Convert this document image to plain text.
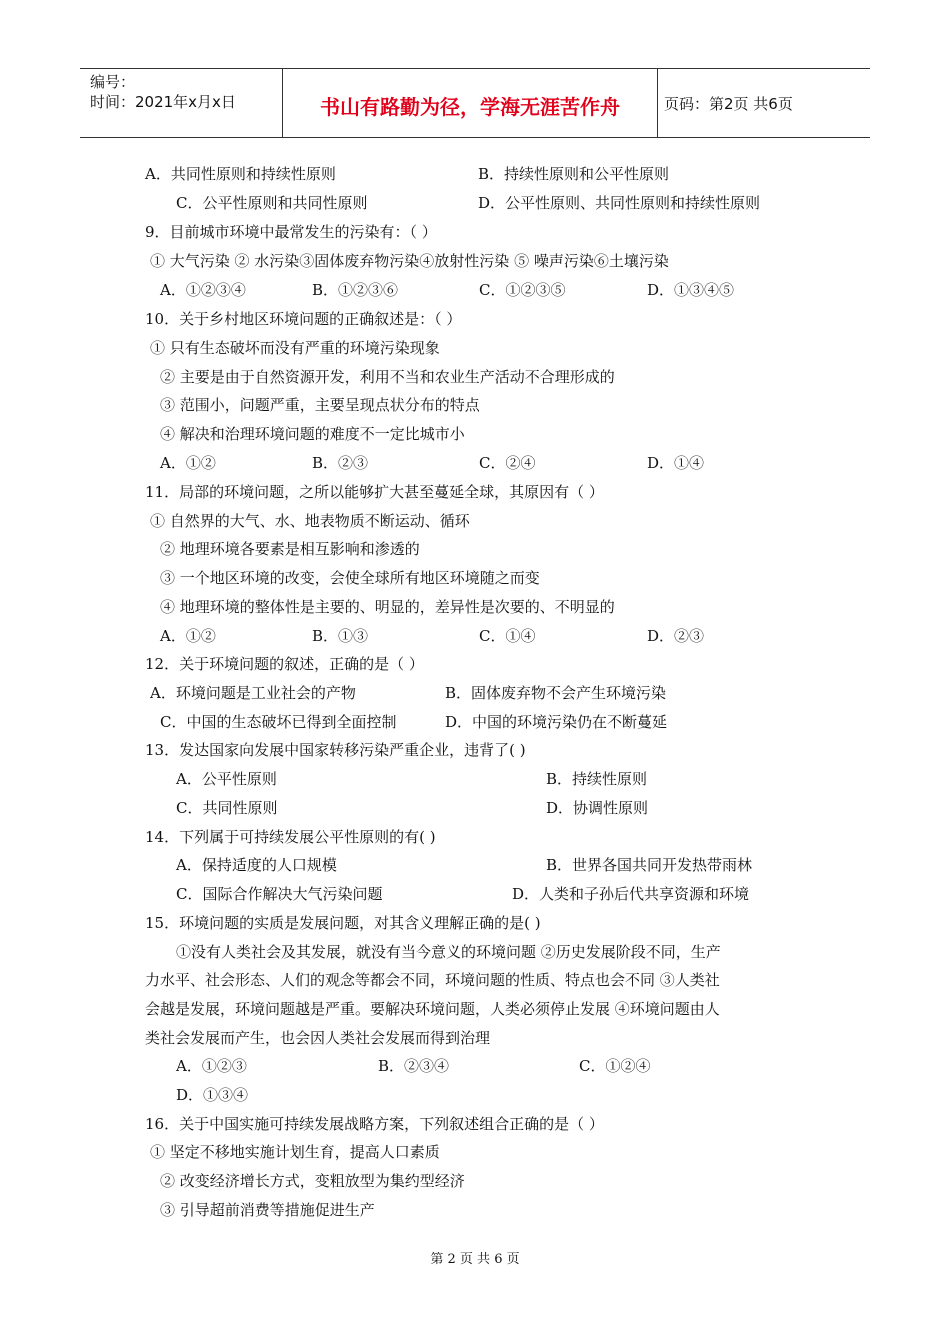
编号：
时间：2021年x月x日	书山有路勤为径，学海无涯苦作舟	页码：第2页 共6页
A．共同性原则和持续性原则	B．持续性原则和公平性原则
C．公平性原则和共同性原则	D．公平性原则、共同性原则和持续性原则
9．目前城市环境中最常发生的污染有：（ ）
① 大气污染 ② 水污染③固体废弃物污染④放射性污染 ⑤ 噪声污染⑥土壤污染
A．①②③④	B．①②③⑥	C．①②③⑤	D．①③④⑤
10．关于乡村地区环境问题的正确叙述是：（ ）
① 只有生态破坏而没有严重的环境污染现象
② 主要是由于自然资源开发，利用不当和农业生产活动不合理形成的
③ 范围小，问题严重，主要呈现点状分布的特点
④ 解决和治理环境问题的难度不一定比城市小
A．①②	B．②③	C．②④	D．①④
11．局部的环境问题，之所以能够扩大甚至蔓延全球，其原因有（ ）
① 自然界的大气、水、地表物质不断运动、循环
② 地理环境各要素是相互影响和渗透的
③ 一个地区环境的改变，会使全球所有地区环境随之而变
④ 地理环境的整体性是主要的、明显的，差异性是次要的、不明显的
A．①②	B．①③	C．①④	D．②③
12．关于环境问题的叙述，正确的是（ ）
A．环境问题是工业社会的产物	B．固体废弃物不会产生环境污染
C．中国的生态破坏已得到全面控制	D．中国的环境污染仍在不断蔓延
13．发达国家向发展中国家转移污染严重企业，违背了( )
A．公平性原则	B．持续性原则
C．共同性原则	D．协调性原则
14．下列属于可持续发展公平性原则的有( )
A．保持适度的人口规模	B．世界各国共同开发热带雨林
C．国际合作解决大气污染问题	D．人类和子孙后代共享资源和环境
15．环境问题的实质是发展问题，对其含义理解正确的是( )
①没有人类社会及其发展，就没有当今意义的环境问题 ②历史发展阶段不同，生产
力水平、社会形态、人们的观念等都会不同，环境问题的性质、特点也会不同 ③人类社
会越是发展，环境问题越是严重。要解决环境问题，人类必须停止发展 ④环境问题由人
类社会发展而产生，也会因人类社会发展而得到治理
A．①②③	B．②③④	C．①②④
D．①③④
16．关于中国实施可持续发展战略方案，下列叙述组合正确的是（ ）
① 坚定不移地实施计划生育，提高人口素质
② 改变经济增长方式，变粗放型为集约型经济
③ 引导超前消费等措施促进生产
第 2 页 共 6 页
